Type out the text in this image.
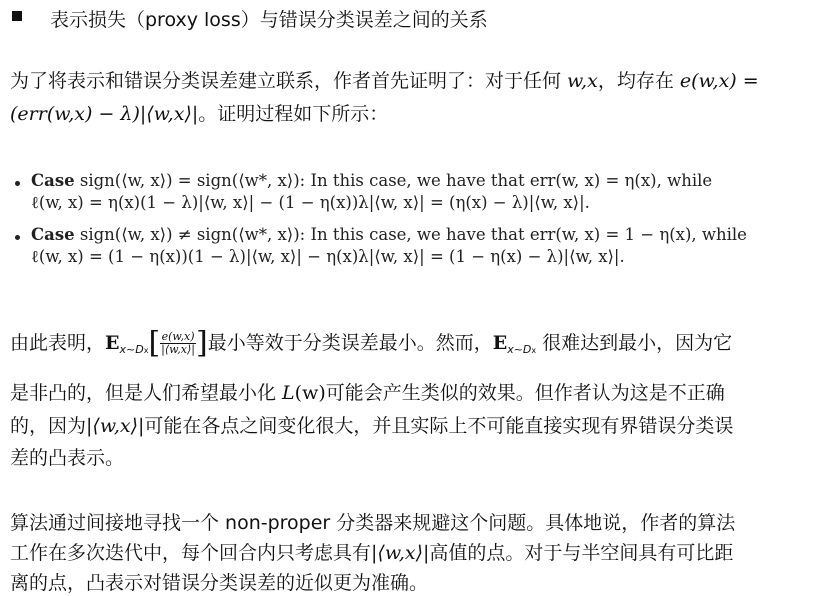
表示损失（proxy loss）与错误分类误差之间的关系
为了将表示和错误分类误差建立联系，作者首先证明了：对于任何 w,x，均存在 e(w,x) =
(err(w,x) − λ)|⟨w,x⟩|。证明过程如下所示：
Case sign(⟨w, x⟩) = sign(⟨w*, x⟩): In this case, we have that err(w, x) = η(x), while
ℓ(w, x) = η(x)(1 − λ)|⟨w, x⟩| − (1 − η(x))λ|⟨w, x⟩| = (η(x) − λ)|⟨w, x⟩|.
Case sign(⟨w, x⟩) ≠ sign(⟨w*, x⟩): In this case, we have that err(w, x) = 1 − η(x), while
ℓ(w, x) = (1 − η(x))(1 − λ)|⟨w, x⟩| − η(x)λ|⟨w, x⟩| = (1 − η(x) − λ)|⟨w, x⟩|.
由此表明，$E_{x\sim Dx}[ \frac{e(w,x)}{|⟨w,x⟩|}$ ]最小等效于分类误差最小。然而，$E_{x\sim Dx}$ 很难达到最小，因为它
是非凸的，但是人们希望最小化 L(w)可能会产生类似的效果。但作者认为这是不正确
的，因为|⟨w,x⟩|可能在各点之间变化很大，并且实际上不可能直接实现有界错误分类误
差的凸表示。
算法通过间接地寻找一个 non-proper 分类器来规避这个问题。具体地说，作者的算法
工作在多次迭代中，每个回合内只考虑具有|⟨w,x⟩|高值的点。对于与半空间具有可比距
离的点，凸表示对错误分类误差的近似更为准确。
